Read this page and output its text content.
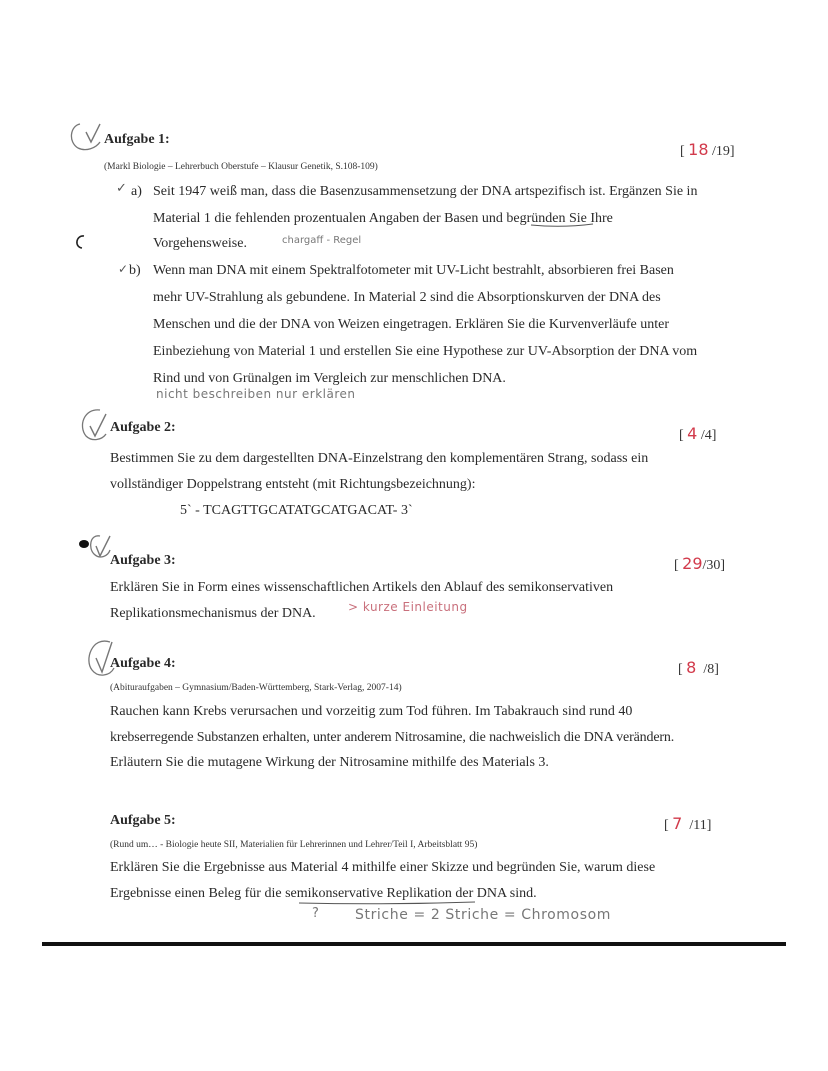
Aufgabe 1:
[ 18 /19]
(Markl Biologie – Lehrerbuch Oberstufe – Klausur Genetik, S.108-109)
✓ a) Seit 1947 weiß man, dass die Basenzusammensetzung der DNA artspezifisch ist. Ergänzen Sie in
Material 1 die fehlenden prozentualen Angaben der Basen und begründen Sie Ihre
Vorgehensweise.	chargaff - Regel
✓ b) Wenn man DNA mit einem Spektralfotometer mit UV-Licht bestrahlt, absorbieren frei Basen
mehr UV-Strahlung als gebundene. In Material 2 sind die Absorptionskurven der DNA des
Menschen und die der DNA von Weizen eingetragen. Erklären Sie die Kurvenverläufe unter
Einbeziehung von Material 1 und erstellen Sie eine Hypothese zur UV-Absorption der DNA vom
Rind und von Grünalgen im Vergleich zur menschlichen DNA.
nicht beschreiben nur erklären
Aufgabe 2:
[ 4 /4]
Bestimmen Sie zu dem dargestellten DNA-Einzelstrang den komplementären Strang, sodass ein
vollständiger Doppelstrang entsteht (mit Richtungsbezeichnung):
5` - TCAGTTGCATATGCATGACAT- 3`
Aufgabe 3:	[ 29/30]
Erklären Sie in Form eines wissenschaftlichen Artikels den Ablauf des semikonservativen
Replikationsmechanismus der DNA.	> kurze Einleitung
Aufgabe 4:	[ 8 /8]
(Abituraufgaben – Gymnasium/Baden-Württemberg, Stark-Verlag, 2007-14)
Rauchen kann Krebs verursachen und vorzeitig zum Tod führen. Im Tabakrauch sind rund 40
krebserregende Substanzen erhalten, unter anderem Nitrosamine, die nachweislich die DNA verändern.
Erläutern Sie die mutagene Wirkung der Nitrosamine mithilfe des Materials 3.
Aufgabe 5:	[ 7 /11]
(Rund um… - Biologie heute SII, Materialien für Lehrerinnen und Lehrer/Teil I, Arbeitsblatt 95)
Erklären Sie die Ergebnisse aus Material 4 mithilfe einer Skizze und begründen Sie, warum diese
Ergebnisse einen Beleg für die semikonservative Replikation der DNA sind.
?	Striche = 2 Striche = Chromosom
